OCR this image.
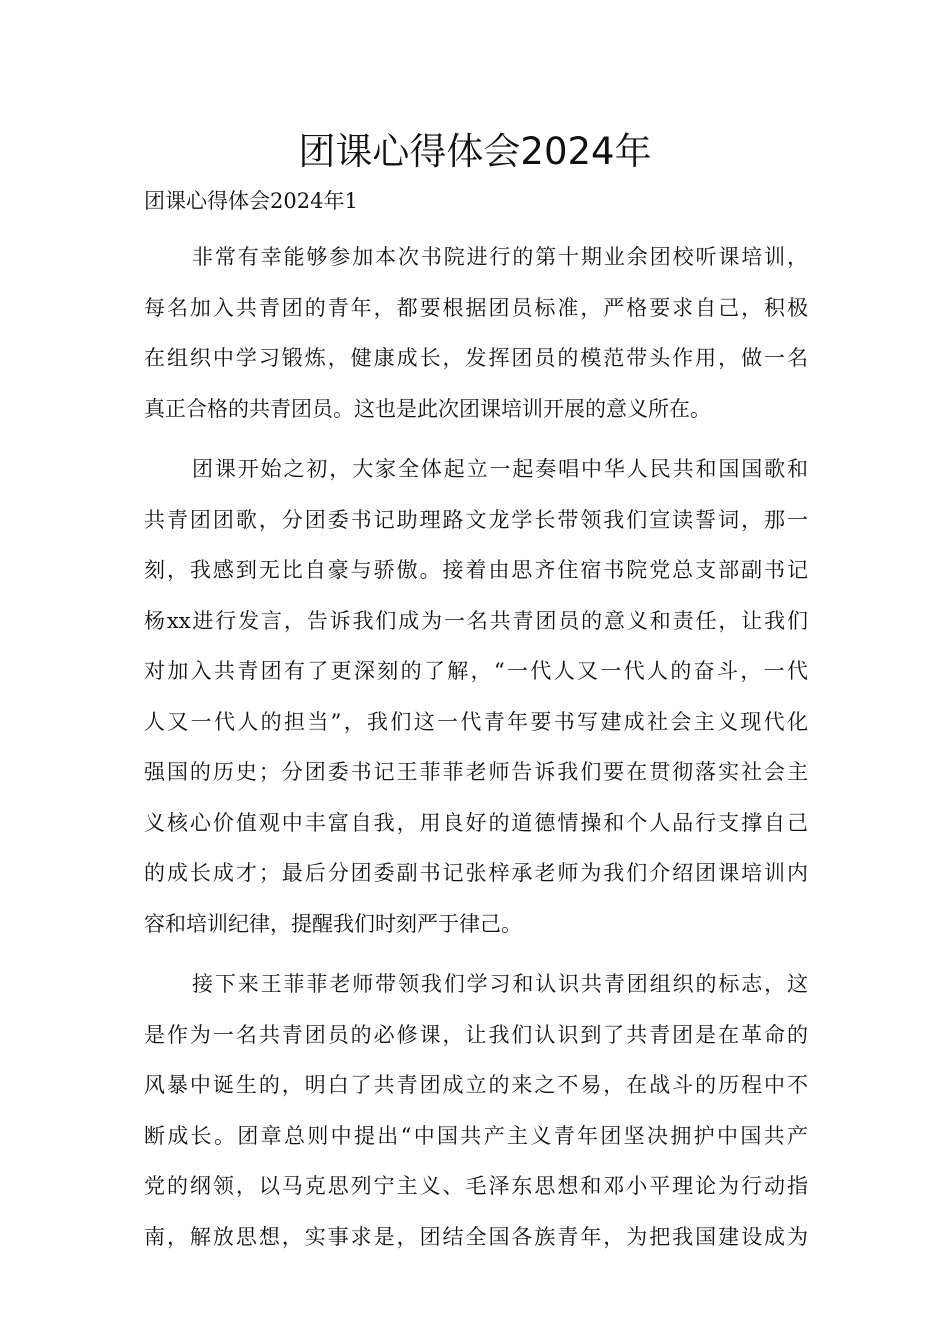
团课心得体会2024年

团课心得体会2024年1

非常有幸能够参加本次书院进行的第十期业余团校听课培训，
每名加入共青团的青年，都要根据团员标准，严格要求自己，积极
在组织中学习锻炼，健康成长，发挥团员的模范带头作用，做一名
真正合格的共青团员。这也是此次团课培训开展的意义所在。

团课开始之初，大家全体起立一起奏唱中华人民共和国国歌和
共青团团歌，分团委书记助理路文龙学长带领我们宣读誓词，那一
刻，我感到无比自豪与骄傲。接着由思齐住宿书院党总支部副书记
杨xx进行发言，告诉我们成为一名共青团员的意义和责任，让我们
对加入共青团有了更深刻的了解，“一代人又一代人的奋斗，一代
人又一代人的担当”，我们这一代青年要书写建成社会主义现代化
强国的历史；分团委书记王菲菲老师告诉我们要在贯彻落实社会主
义核心价值观中丰富自我，用良好的道德情操和个人品行支撑自己
的成长成才；最后分团委副书记张梓承老师为我们介绍团课培训内
容和培训纪律，提醒我们时刻严于律己。

接下来王菲菲老师带领我们学习和认识共青团组织的标志，这
是作为一名共青团员的必修课，让我们认识到了共青团是在革命的
风暴中诞生的，明白了共青团成立的来之不易，在战斗的历程中不
断成长。团章总则中提出“中国共产主义青年团坚决拥护中国共产
党的纲领，以马克思列宁主义、毛泽东思想和邓小平理论为行动指
南，解放思想，实事求是，团结全国各族青年，为把我国建设成为
